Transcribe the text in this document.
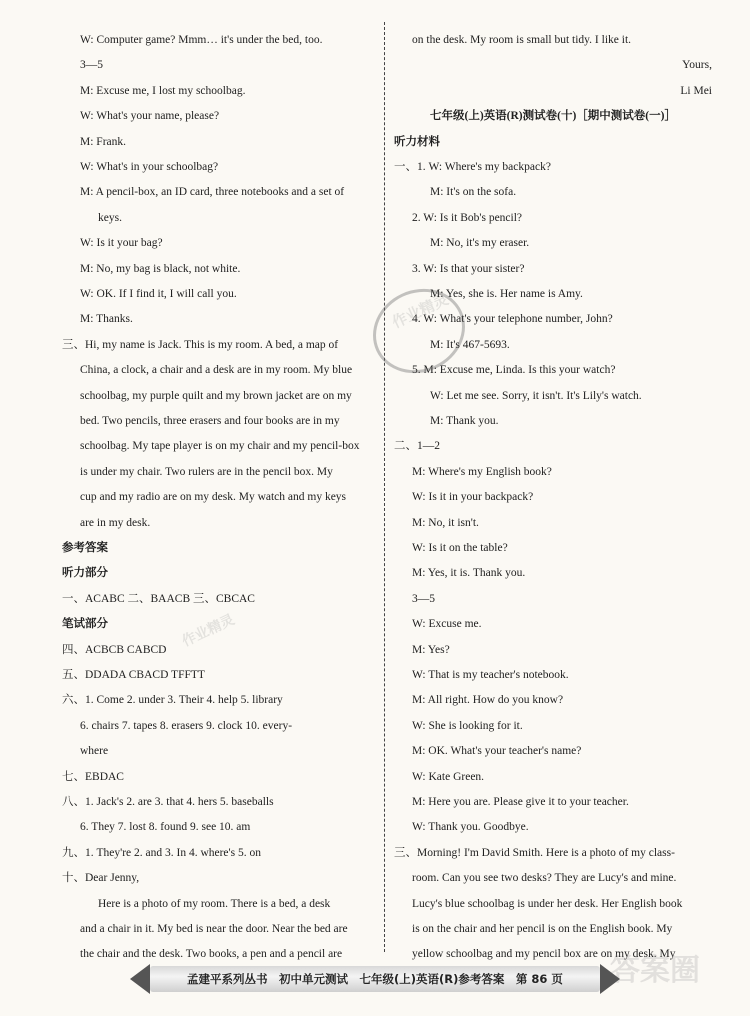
W: Computer game? Mmm… it's under the bed, too.
3—5
M: Excuse me, I lost my schoolbag.
W: What's your name, please?
M: Frank.
W: What's in your schoolbag?
M: A pencil-box, an ID card, three notebooks and a set of
keys.
W: Is it your bag?
M: No, my bag is black, not white.
W: OK. If I find it, I will call you.
M: Thanks.
三、Hi, my name is Jack. This is my room. A bed, a map of
China, a clock, a chair and a desk are in my room. My blue
schoolbag, my purple quilt and my brown jacket are on my
bed. Two pencils, three erasers and four books are in my
schoolbag. My tape player is on my chair and my pencil-box
is under my chair. Two rulers are in the pencil box. My
cup and my radio are on my desk. My watch and my keys
are in my desk.
参考答案
听力部分
一、ACABC 二、BAACB 三、CBCAC
笔试部分
四、ACBCB CABCD
五、DDADA CBACD TFFTT
六、1. Come 2. under 3. Their 4. help 5. library
6. chairs 7. tapes 8. erasers 9. clock 10. every-
where
七、EBDAC
八、1. Jack's 2. are 3. that 4. hers 5. baseballs
6. They 7. lost 8. found 9. see 10. am
九、1. They're 2. and 3. In 4. where's 5. on
十、Dear Jenny,
Here is a photo of my room. There is a bed, a desk
and a chair in it. My bed is near the door. Near the bed are
the chair and the desk. Two books, a pen and a pencil are
on the desk. My room is small but tidy. I like it.
Yours,
Li Mei
七年级(上)英语(R)测试卷(十)［期中测试卷(一)］
听力材料
一、1. W: Where's my backpack?
M: It's on the sofa.
2. W: Is it Bob's pencil?
M: No, it's my eraser.
3. W: Is that your sister?
M: Yes, she is. Her name is Amy.
4. W: What's your telephone number, John?
M: It's 467-5693.
5. M: Excuse me, Linda. Is this your watch?
W: Let me see. Sorry, it isn't. It's Lily's watch.
M: Thank you.
二、1—2
M: Where's my English book?
W: Is it in your backpack?
M: No, it isn't.
W: Is it on the table?
M: Yes, it is. Thank you.
3—5
W: Excuse me.
M: Yes?
W: That is my teacher's notebook.
M: All right. How do you know?
W: She is looking for it.
M: OK. What's your teacher's name?
W: Kate Green.
M: Here you are. Please give it to your teacher.
W: Thank you. Goodbye.
三、Morning! I'm David Smith. Here is a photo of my class-
room. Can you see two desks? They are Lucy's and mine.
Lucy's blue schoolbag is under her desk. Her English book
is on the chair and her pencil is on the English book. My
yellow schoolbag and my pencil box are on my desk. My
作业精灵
作业精灵
答案圈
孟建平系列丛书　初中单元测试　七年级(上)英语(R)参考答案　第 86 页
